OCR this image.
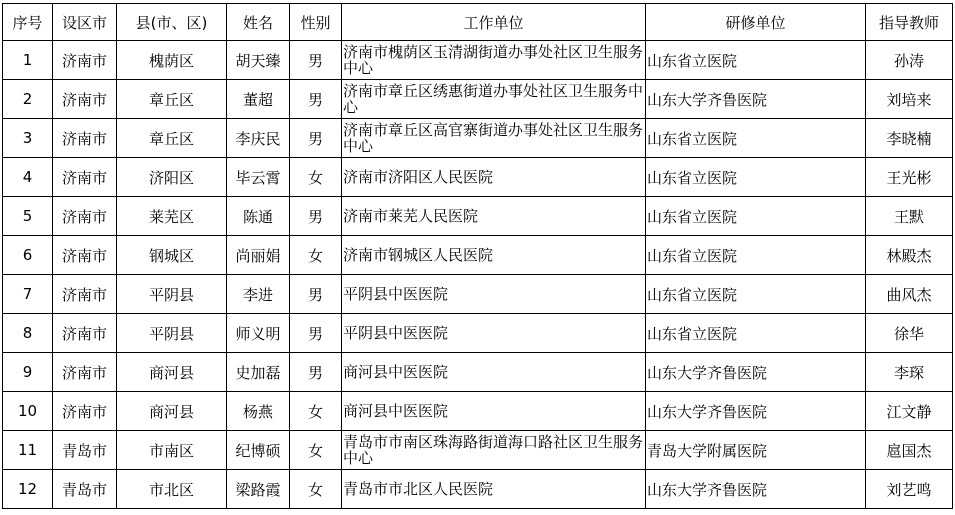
序号	设区市	县(市、区)	姓名	性别	工作单位	研修单位	指导教师
1	济南市	槐荫区	胡天臻	男	济南市槐荫区玉清湖街道办事处社区卫生服务中心	山东省立医院	孙涛
2	济南市	章丘区	董超	男	济南市章丘区绣惠街道办事处社区卫生服务中心	山东大学齐鲁医院	刘培来
3	济南市	章丘区	李庆民	男	济南市章丘区高官寨街道办事处社区卫生服务中心	山东省立医院	李晓楠
4	济南市	济阳区	毕云霄	女	济南市济阳区人民医院	山东省立医院	王光彬
5	济南市	莱芜区	陈通	男	济南市莱芜人民医院	山东省立医院	王默
6	济南市	钢城区	尚丽娟	女	济南市钢城区人民医院	山东省立医院	林殿杰
7	济南市	平阴县	李进	男	平阴县中医医院	山东省立医院	曲风杰
8	济南市	平阴县	师义明	男	平阴县中医医院	山东省立医院	徐华
9	济南市	商河县	史加磊	男	商河县中医医院	山东大学齐鲁医院	李琛
10	济南市	商河县	杨燕	女	商河县中医医院	山东大学齐鲁医院	江文静
11	青岛市	市南区	纪博硕	女	青岛市市南区珠海路街道海口路社区卫生服务中心	青岛大学附属医院	扈国杰
12	青岛市	市北区	梁路霞	女	青岛市市北区人民医院	山东大学齐鲁医院	刘艺鸣
